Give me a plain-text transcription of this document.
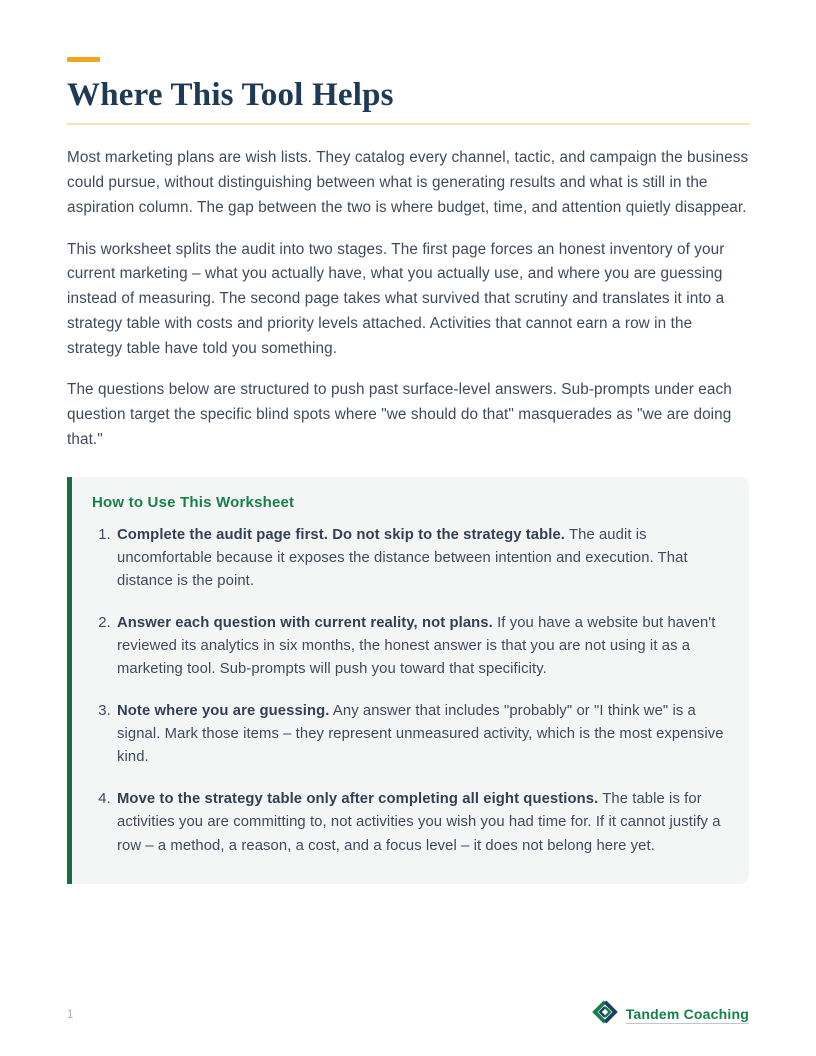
Where This Tool Helps

Most marketing plans are wish lists. They catalog every channel, tactic, and campaign the business could pursue, without distinguishing between what is generating results and what is still in the aspiration column. The gap between the two is where budget, time, and attention quietly disappear.

This worksheet splits the audit into two stages. The first page forces an honest inventory of your current marketing – what you actually have, what you actually use, and where you are guessing instead of measuring. The second page takes what survived that scrutiny and translates it into a strategy table with costs and priority levels attached. Activities that cannot earn a row in the strategy table have told you something.

The questions below are structured to push past surface-level answers. Sub-prompts under each question target the specific blind spots where "we should do that" masquerades as "we are doing that."

How to Use This Worksheet
1. Complete the audit page first. Do not skip to the strategy table. The audit is uncomfortable because it exposes the distance between intention and execution. That distance is the point.
2. Answer each question with current reality, not plans. If you have a website but haven't reviewed its analytics in six months, the honest answer is that you are not using it as a marketing tool. Sub-prompts will push you toward that specificity.
3. Note where you are guessing. Any answer that includes "probably" or "I think we" is a signal. Mark those items – they represent unmeasured activity, which is the most expensive kind.
4. Move to the strategy table only after completing all eight questions. The table is for activities you are committing to, not activities you wish you had time for. If it cannot justify a row – a method, a reason, a cost, and a focus level – it does not belong here yet.
1	Tandem Coaching
